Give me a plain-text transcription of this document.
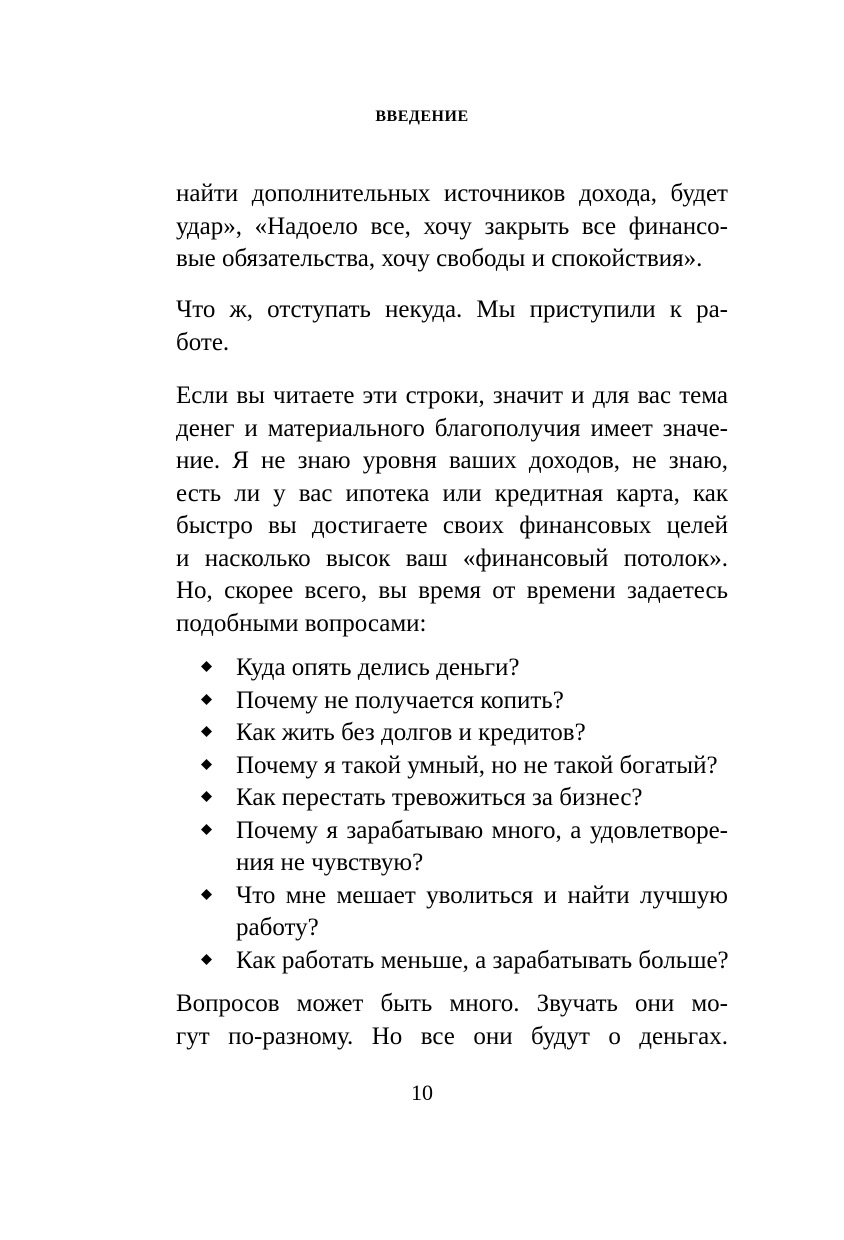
ВВЕДЕНИЕ
найти дополнительных источников дохода, будет
удар», «Надоело все, хочу закрыть все финансо-
вые обязательства, хочу свободы и спокойствия».
Что ж, отступать некуда. Мы приступили к ра-
боте.
Если вы читаете эти строки, значит и для вас тема
денег и материального благополучия имеет значе-
ние. Я не знаю уровня ваших доходов, не знаю,
есть ли у вас ипотека или кредитная карта, как
быстро вы достигаете своих финансовых целей
и насколько высок ваш «финансовый потолок».
Но, скорее всего, вы время от времени задаетесь
подобными вопросами:
Куда опять делись деньги?
Почему не получается копить?
Как жить без долгов и кредитов?
Почему я такой умный, но не такой богатый?
Как перестать тревожиться за бизнес?
Почему я зарабатываю много, а удовлетворе-
ния не чувствую?
Что мне мешает уволиться и найти лучшую
работу?
Как работать меньше, а зарабатывать больше?
Вопросов может быть много. Звучать они мо-
гут по-разному. Но все они будут о деньгах.
10
